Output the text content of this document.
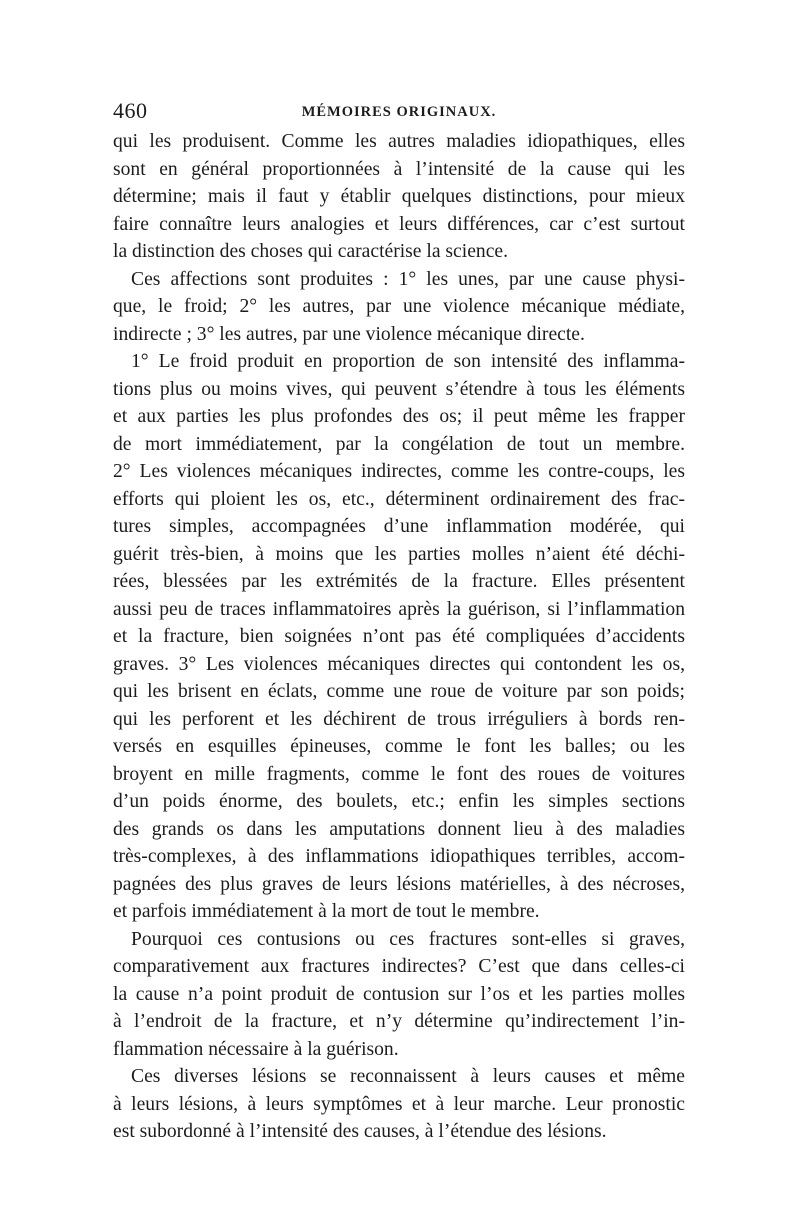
460	MÉMOIRES ORIGINAUX.
qui les produisent. Comme les autres maladies idiopathiques, elles
sont en général proportionnées à l’intensité de la cause qui les
détermine; mais il faut y établir quelques distinctions, pour mieux
faire connaître leurs analogies et leurs différences, car c’est surtout
la distinction des choses qui caractérise la science.
Ces affections sont produites : 1° les unes, par une cause physi-
que, le froid; 2° les autres, par une violence mécanique médiate,
indirecte ; 3° les autres, par une violence mécanique directe.
1° Le froid produit en proportion de son intensité des inflamma-
tions plus ou moins vives, qui peuvent s’étendre à tous les éléments
et aux parties les plus profondes des os; il peut même les frapper
de mort immédiatement, par la congélation de tout un membre.
2° Les violences mécaniques indirectes, comme les contre-coups, les
efforts qui ploient les os, etc., déterminent ordinairement des frac-
tures simples, accompagnées d’une inflammation modérée, qui
guérit très-bien, à moins que les parties molles n’aient été déchi-
rées, blessées par les extrémités de la fracture. Elles présentent
aussi peu de traces inflammatoires après la guérison, si l’inflammation
et la fracture, bien soignées n’ont pas été compliquées d’accidents
graves. 3° Les violences mécaniques directes qui contondent les os,
qui les brisent en éclats, comme une roue de voiture par son poids;
qui les perforent et les déchirent de trous irréguliers à bords ren-
versés en esquilles épineuses, comme le font les balles; ou les
broyent en mille fragments, comme le font des roues de voitures
d’un poids énorme, des boulets, etc.; enfin les simples sections
des grands os dans les amputations donnent lieu à des maladies
très-complexes, à des inflammations idiopathiques terribles, accom-
pagnées des plus graves de leurs lésions matérielles, à des nécroses,
et parfois immédiatement à la mort de tout le membre.
Pourquoi ces contusions ou ces fractures sont-elles si graves,
comparativement aux fractures indirectes? C’est que dans celles-ci
la cause n’a point produit de contusion sur l’os et les parties molles
à l’endroit de la fracture, et n’y détermine qu’indirectement l’in-
flammation nécessaire à la guérison.
Ces diverses lésions se reconnaissent à leurs causes et même
à leurs lésions, à leurs symptômes et à leur marche. Leur pronostic
est subordonné à l’intensité des causes, à l’étendue des lésions.
